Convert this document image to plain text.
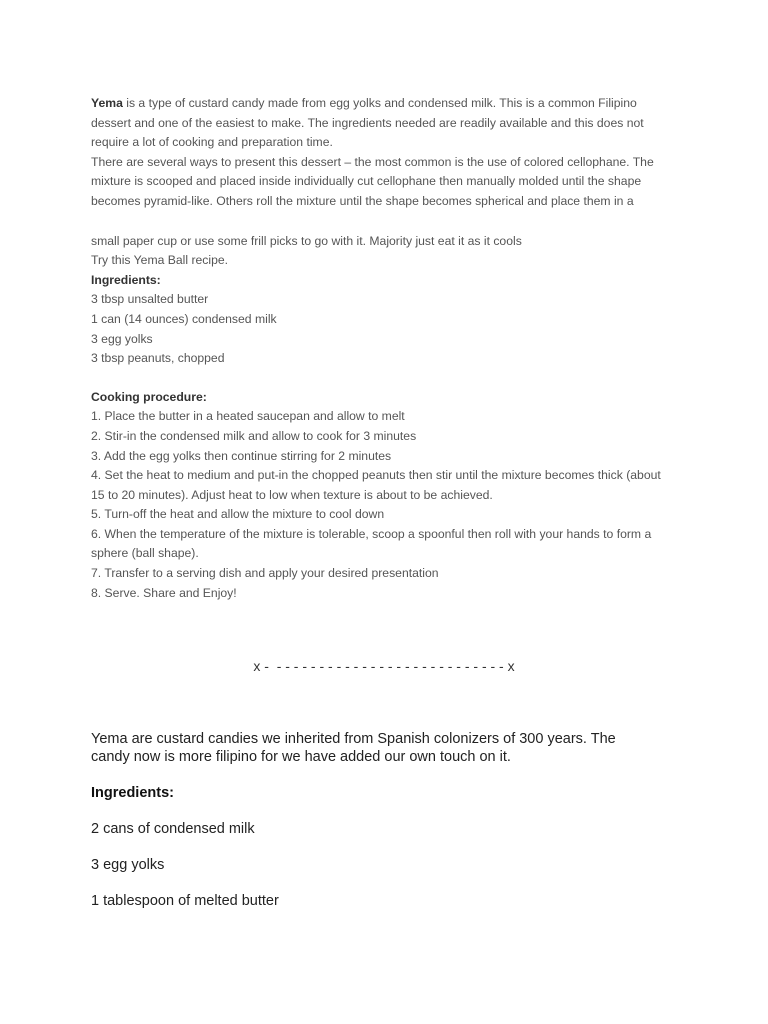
Yema is a type of custard candy made from egg yolks and condensed milk. This is a common Filipino

dessert and one of the easiest to make. The ingredients needed are readily available and this does not

require a lot of cooking and preparation time.

There are several ways to present this dessert – the most common is the use of colored cellophane. The

mixture is scooped and placed inside individually cut cellophane then manually molded until the shape

becomes pyramid-like. Others roll the mixture until the shape becomes spherical and place them in a

small paper cup or use some frill picks to go with it. Majority just eat it as it cools

Try this Yema Ball recipe.

Ingredients:

3 tbsp unsalted butter

1 can (14 ounces) condensed milk

3 egg yolks

3 tbsp peanuts, chopped

Cooking procedure:

1. Place the butter in a heated saucepan and allow to melt

2. Stir-in the condensed milk and allow to cook for 3 minutes

3. Add the egg yolks then continue stirring for 2 minutes

4. Set the heat to medium and put-in the chopped peanuts then stir until the mixture becomes thick (about

15 to 20 minutes). Adjust heat to low when texture is about to be achieved.

5. Turn-off the heat and allow the mixture to cool down

6. When the temperature of the mixture is tolerable, scoop a spoonful then roll with your hands to form a

sphere (ball shape).

7. Transfer to a serving dish and apply your desired presentation

8. Serve. Share and Enjoy!

x -  - - - - - - - - - - - - - - - - - - - - - - - - - - - x

Yema are custard candies we inherited from Spanish colonizers of 300 years. The

candy now is more filipino for we have added our own touch on it.

Ingredients:

2 cans of condensed milk

3 egg yolks

1 tablespoon of melted butter
